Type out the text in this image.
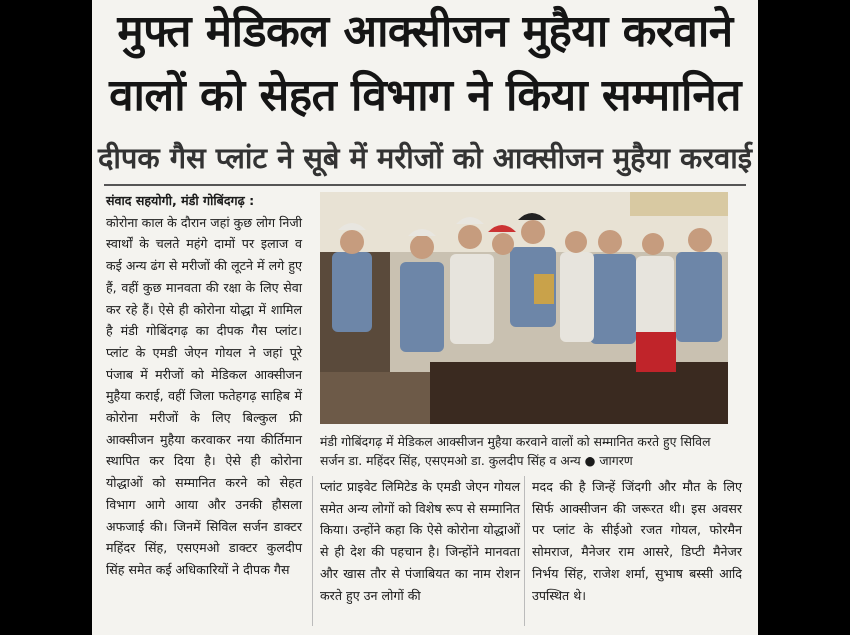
मुफ्त मेडिकल आक्सीजन मुहैया करवाने
वालों को सेहत विभाग ने किया सम्मानित
दीपक गैस प्लांट ने सूबे में मरीजों को आक्सीजन मुहैया करवाई

संवाद सहयोगी, मंडी गोबिंदगढ़ :

कोरोना काल के दौरान जहां कुछ लोग निजी स्वार्थों के चलते महंगे दामों पर इलाज व कई अन्य ढंग से मरीजों की लूटने में लगे हुए हैं, वहीं कुछ मानवता की रक्षा के लिए सेवा कर रहे हैं। ऐसे ही कोरोना योद्धा में शामिल है मंडी गोबिंदगढ़ का दीपक गैस प्लांट। प्लांट के एमडी जेएन गोयल ने जहां पूरे पंजाब में मरीजों को मेडिकल आक्सीजन मुहैया कराई, वहीं जिला फतेहगढ़ साहिब में कोरोना मरीजों के लिए बिल्कुल फ्री आक्सीजन मुहैया करवाकर नया कीर्तिमान स्थापित कर दिया है। ऐसे ही कोरोना योद्धाओं को सम्मानित करने को सेहत विभाग आगे आया और उनकी हौसला अफजाई की। जिनमें सिविल सर्जन डाक्टर महिंदर सिंह, एसएमओ डाक्टर कुलदीप सिंह समेत कई अधिकारियों ने दीपक गैस

मंडी गोबिंदगढ़ में मेडिकल आक्सीजन मुहैया करवाने वालों को सम्मानित करते हुए सिविल सर्जन डा. महिंदर सिंह, एसएमओ डा. कुलदीप सिंह व अन्य ● जागरण

प्लांट प्राइवेट लिमिटेड के एमडी जेएन गोयल समेत अन्य लोगों को विशेष रूप से सम्मानित किया। उन्होंने कहा कि ऐसे कोरोना योद्धाओं से ही देश की पहचान है। जिन्होंने मानवता और खास तौर से पंजाबियत का नाम रोशन करते हुए उन लोगों की

मदद की है जिन्हें जिंदगी और मौत के लिए सिर्फ आक्सीजन की जरूरत थी। इस अवसर पर प्लांट के सीईओ रजत गोयल, फोरमैन सोमराज, मैनेजर राम आसरे, डिप्टी मैनेजर निर्भय सिंह, राजेश शर्मा, सुभाष बस्सी आदि उपस्थित थे।
